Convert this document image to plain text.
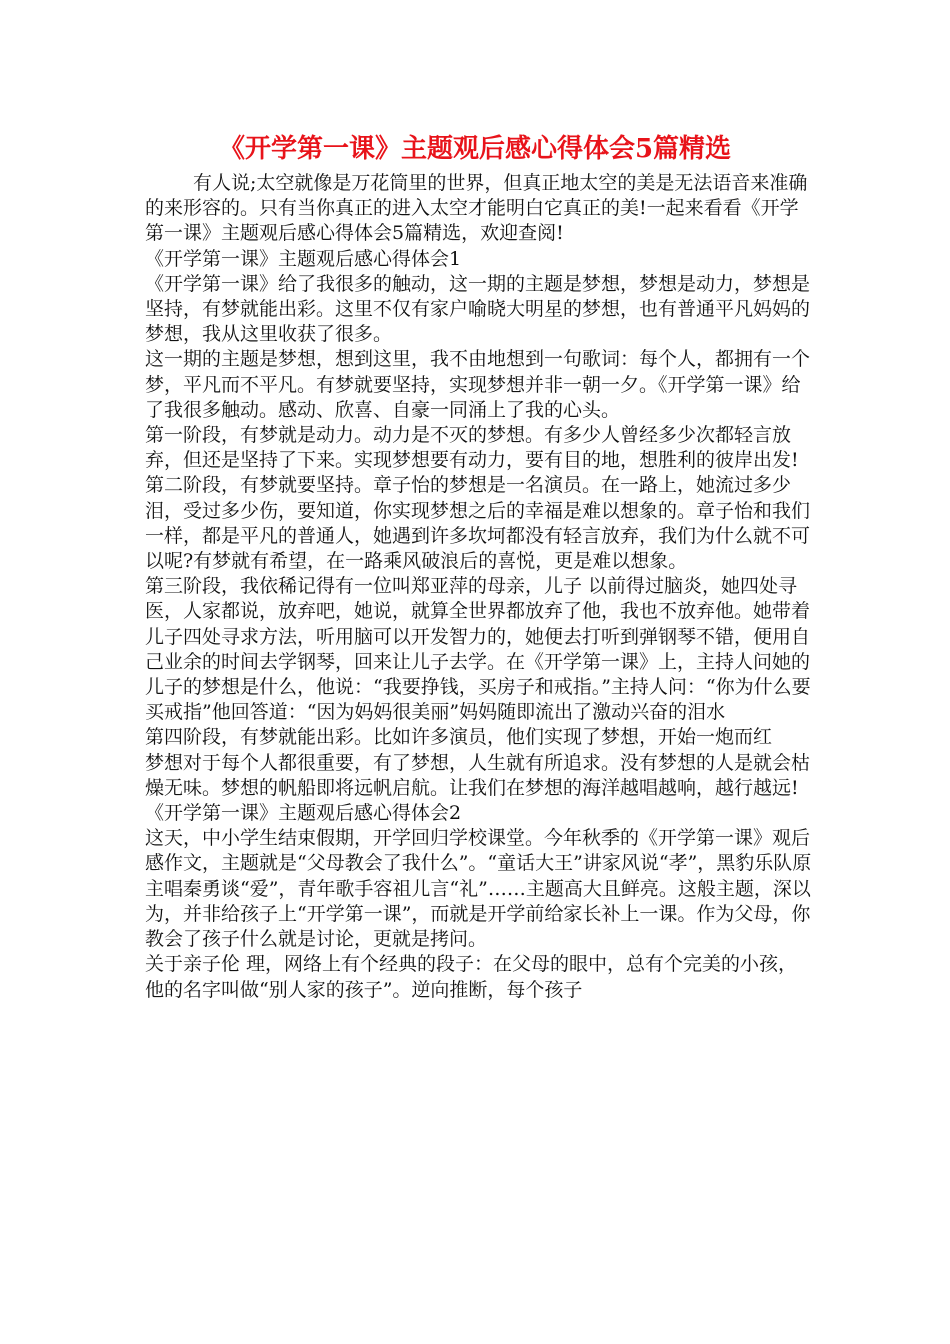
《开学第一课》主题观后感心得体会5篇精选

有人说;太空就像是万花筒里的世界，但真正地太空的美是无法语音来准确的来形容的。只有当你真正的进入太空才能明白它真正的美!一起来看看《开学第一课》主题观后感心得体会5篇精选，欢迎查阅!

《开学第一课》主题观后感心得体会1

《开学第一课》给了我很多的触动，这一期的主题是梦想，梦想是动力，梦想是坚持，有梦就能出彩。这里不仅有家户喻晓大明星的梦想，也有普通平凡妈妈的梦想，我从这里收获了很多。

这一期的主题是梦想，想到这里，我不由地想到一句歌词：每个人，都拥有一个梦，平凡而不平凡。有梦就要坚持，实现梦想并非一朝一夕。《开学第一课》给了我很多触动。感动、欣喜、自豪一同涌上了我的心头。

第一阶段，有梦就是动力。动力是不灭的梦想。有多少人曾经多少次都轻言放弃，但还是坚持了下来。实现梦想要有动力，要有目的地，想胜利的彼岸出发!

第二阶段，有梦就要坚持。章子怡的梦想是一名演员。在一路上，她流过多少泪，受过多少伤，要知道，你实现梦想之后的幸福是难以想象的。章子怡和我们一样，都是平凡的普通人，她遇到许多坎坷都没有轻言放弃，我们为什么就不可以呢?有梦就有希望，在一路乘风破浪后的喜悦，更是难以想象。

第三阶段，我依稀记得有一位叫郑亚萍的母亲，儿子 以前得过脑炎，她四处寻医，人家都说，放弃吧，她说，就算全世界都放弃了他，我也不放弃他。她带着儿子四处寻求方法，听用脑可以开发智力的，她便去打听到弹钢琴不错，便用自己业余的时间去学钢琴，回来让儿子去学。在《开学第一课》上，主持人问她的儿子的梦想是什么，他说：“我要挣钱，买房子和戒指。”主持人问：“你为什么要买戒指”他回答道：“因为妈妈很美丽”妈妈随即流出了激动兴奋的泪水

第四阶段，有梦就能出彩。比如许多演员，他们实现了梦想，开始一炮而红

梦想对于每个人都很重要，有了梦想，人生就有所追求。没有梦想的人是就会枯燥无味。梦想的帆船即将远帆启航。让我们在梦想的海洋越唱越响，越行越远!

《开学第一课》主题观后感心得体会2

这天，中小学生结束假期，开学回归学校课堂。今年秋季的《开学第一课》观后感作文，主题就是“父母教会了我什么”。“童话大王”讲家风说“孝”，黑豹乐队原主唱秦勇谈“爱”，青年歌手容祖儿言“礼”……主题高大且鲜亮。这般主题，深以为，并非给孩子上“开学第一课”，而就是开学前给家长补上一课。作为父母，你教会了孩子什么就是讨论，更就是拷问。

关于亲子伦 理，网络上有个经典的段子：在父母的眼中，总有个完美的小孩，他的名字叫做“别人家的孩子”。逆向推断，每个孩子
